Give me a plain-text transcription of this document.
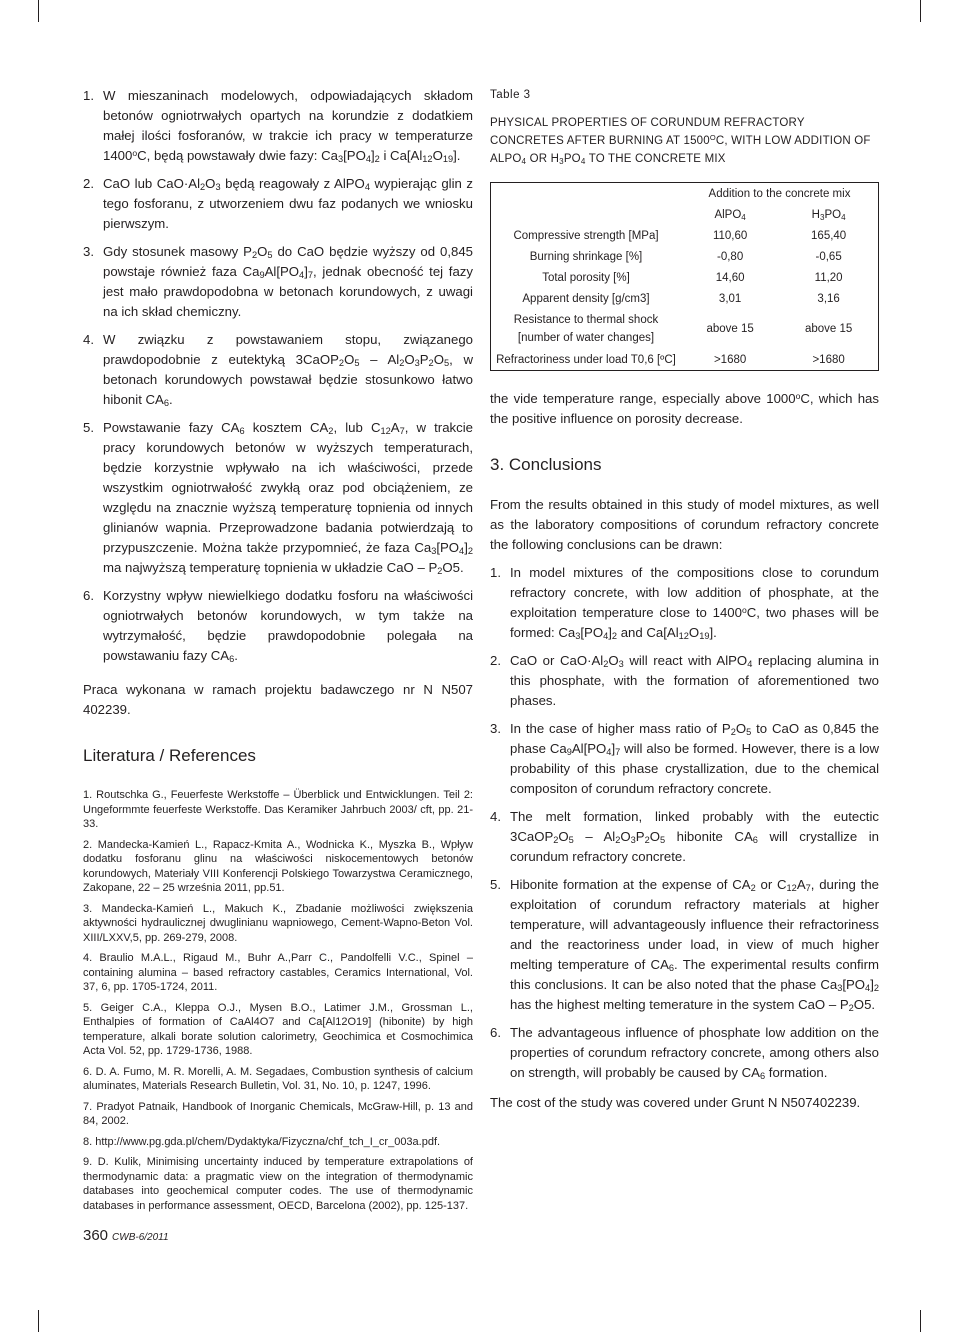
1. W mieszaninach modelowych, odpowiadających składom betonów ogniotrwałych opartych na korundzie z dodatkiem małej ilości fosforanów, w trakcie ich pracy w temperaturze 1400$^o$C, będą powstawały dwie fazy: $Ca_3[PO_4]_2$ i $Ca[Al_{12}O_{19}]$.
2. CaO lub $CaO\cdot Al_2O_3$ będą reagowały z AlPO$_4$ wypierając glin z tego fosforanu, z utworzeniem dwu faz podanych we wniosku pierwszym.
3. Gdy stosunek masowy $P_2O_5$ do CaO będzie wyższy od 0,845 powstaje również faza $Ca_9Al[PO_4]_7$, jednak obecność tej fazy jest mało prawdopodobna w betonach korundowych, z uwagi na ich skład chemiczny.
4. W związku z powstawaniem stopu, związanego prawdopodobnie z eutektyką $3CaOP_2O_5 - Al_2O_3P_2O_5$, w betonach korundowych powstawał będzie stosunkowo łatwo hibonit $CA_6$.
5. Powstawanie fazy $CA_6$ kosztem $CA_2$, lub $C_{12}A_7$, w trakcie pracy korundowych betonów w wyższych temperaturach, będzie korzystnie wpływało na ich właściwości, przede wszystkim ogniotrwałość zwykłą oraz pod obciążeniem, ze względu na znacznie wyższą temperaturę topnienia od innych glinianów wapnia. Przeprowadzone badania potwierdzają to przypuszczenie. Można także przypomnieć, że faza $Ca_3[PO_4]_2$ ma najwyższą temperaturę topnienia w układzie CaO – $P_2O5$.
6. Korzystny wpływ niewielkiego dodatku fosforu na właściwości ogniotrwałych betonów korundowych, w tym także na wytrzymałość, będzie prawdopodobnie polegała na powstawaniu fazy $CA_6$.

Praca wykonana w ramach projektu badawczego nr N N507 402239.

Literatura / References
1. Routschka G., Feuerfeste Werkstoffe – Überblick und Entwicklungen. Teil 2: Ungeformmte feuerfeste Werkstoffe. Das Keramiker Jahrbuch 2003/ cft, pp. 21-33.
2. Mandecka-Kamień L., Rapacz-Kmita A., Wodnicka K., Myszka B., Wpływ dodatku fosforanu glinu na właściwości niskocementowych betonów korundowych, Materiały VIII Konferencji Polskiego Towarzystwa Ceramicznego, Zakopane, 22 – 25 września 2011, pp.51.
3. Mandecka-Kamień L., Makuch K., Zbadanie możliwości zwiększenia aktywności hydraulicznej dwuglinianu wapniowego, Cement-Wapno-Beton Vol. XIII/LXXV,5, pp. 269-279, 2008.
4. Braulio M.A.L., Rigaud M., Buhr A.,Parr C., Pandolfelli V.C., Spinel – containing alumina – based refractory castables, Ceramics International, Vol. 37, 6, pp. 1705-1724, 2011.
5. Geiger C.A., Kleppa O.J., Mysen B.O., Latimer J.M., Grossman L., Enthalpies of formation of CaAl4O7 and Ca[Al12O19] (hibonite) by high temperature, alkali borate solution calorimetry, Geochimica et Cosmochimica Acta Vol. 52, pp. 1729-1736, 1988.
6. D. A. Fumo, M. R. Morelli, A. M. Segadaes, Combustion synthesis of calcium aluminates, Materials Research Bulletin, Vol. 31, No. 10, p. 1247, 1996.
7. Pradyot Patnaik, Handbook of Inorganic Chemicals, McGraw-Hill, p. 13 and 84, 2002.
8. http://www.pg.gda.pl/chem/Dydaktyka/Fizyczna/chf_tch_I_cr_003a.pdf.
9. D. Kulik, Minimising uncertainty induced by temperature extrapolations of thermodynamic data: a pragmatic view on the integration of thermodynamic databases into geochemical computer codes. The use of thermodynamic databases in performance assessment, OECD, Barcelona (2002), pp. 125-137.
Table 3
PHYSICAL PROPERTIES OF CORUNDUM REFRACTORY CONCRETES AFTER BURNING AT $1500^OC$, WITH LOW ADDITION OF $ALPO_4$ OR $H_3PO_4$ TO THE CONCRETE MIX
	Addition to the concrete mix	
	AlPO$_4$	$H_3PO_4$
Compressive strength [MPa]	110,60	165,40
Burning shrinkage [%]	-0,80	-0,65
Total porosity [%]	14,60	11,20
Apparent density [g/cm3]	3,01	3,16
Resistance to thermal shock [number of water changes]	above 15	above 15
Refractoriness under load T0,6 [ºC]	>1680	>1680

the vide temperature range, especially above 1000$^o$C, which has the positive influence on porosity decrease.

3. Conclusions

From the results obtained in this study of model mixtures, as well as the laboratory compositions of corundum refractory concrete the following conclusions can be drawn:

1. In model mixtures of the compositions close to corundum refractory concrete, with low addition of phosphate, at the exploitation temperature close to 1400$^o$C, two phases will be formed: $Ca_3[PO_4]_2$ and $Ca[Al_{12}O_{19}]$.
2. CaO or $CaO\cdot Al_2O_3$ will react with AlPO$_4$ replacing alumina in this phosphate, with the formation of aforementioned two phases.
3. In the case of higher mass ratio of $P_2O_5$ to CaO as 0,845 the phase $Ca_9Al[PO_4]_7$ will also be formed. However, there is a low probability of this phase crystallization, due to the chemical compositon of corundum refractory concrete.
4. The melt formation, linked probably with the eutectic $3CaOP_2O_5 - Al_2O_3P_2O_5$ hibonite $CA_6$ will crystallize in corundum refractory concrete.
5. Hibonite formation at the expense of $CA_2$ or $C_{12}A_7$, during the exploitation of corundum refractory materials at higher temperature, will advantageously influence their refractoriness and the reactoriness under load, in view of much higher melting temperature of $CA_6$. The experimental results confirm this conclusions. It can be also noted that the phase $Ca_3[PO_4]_2$ has the highest melting temerature in the system CaO – $P_2O5$.
6. The advantageous influence of phosphate low addition on the properties of corundum refractory concrete, among others also on strength, will probably be caused by $CA_6$ formation.

The cost of the study was covered under Grunt N N507402239.

360 CWB-6/2011
